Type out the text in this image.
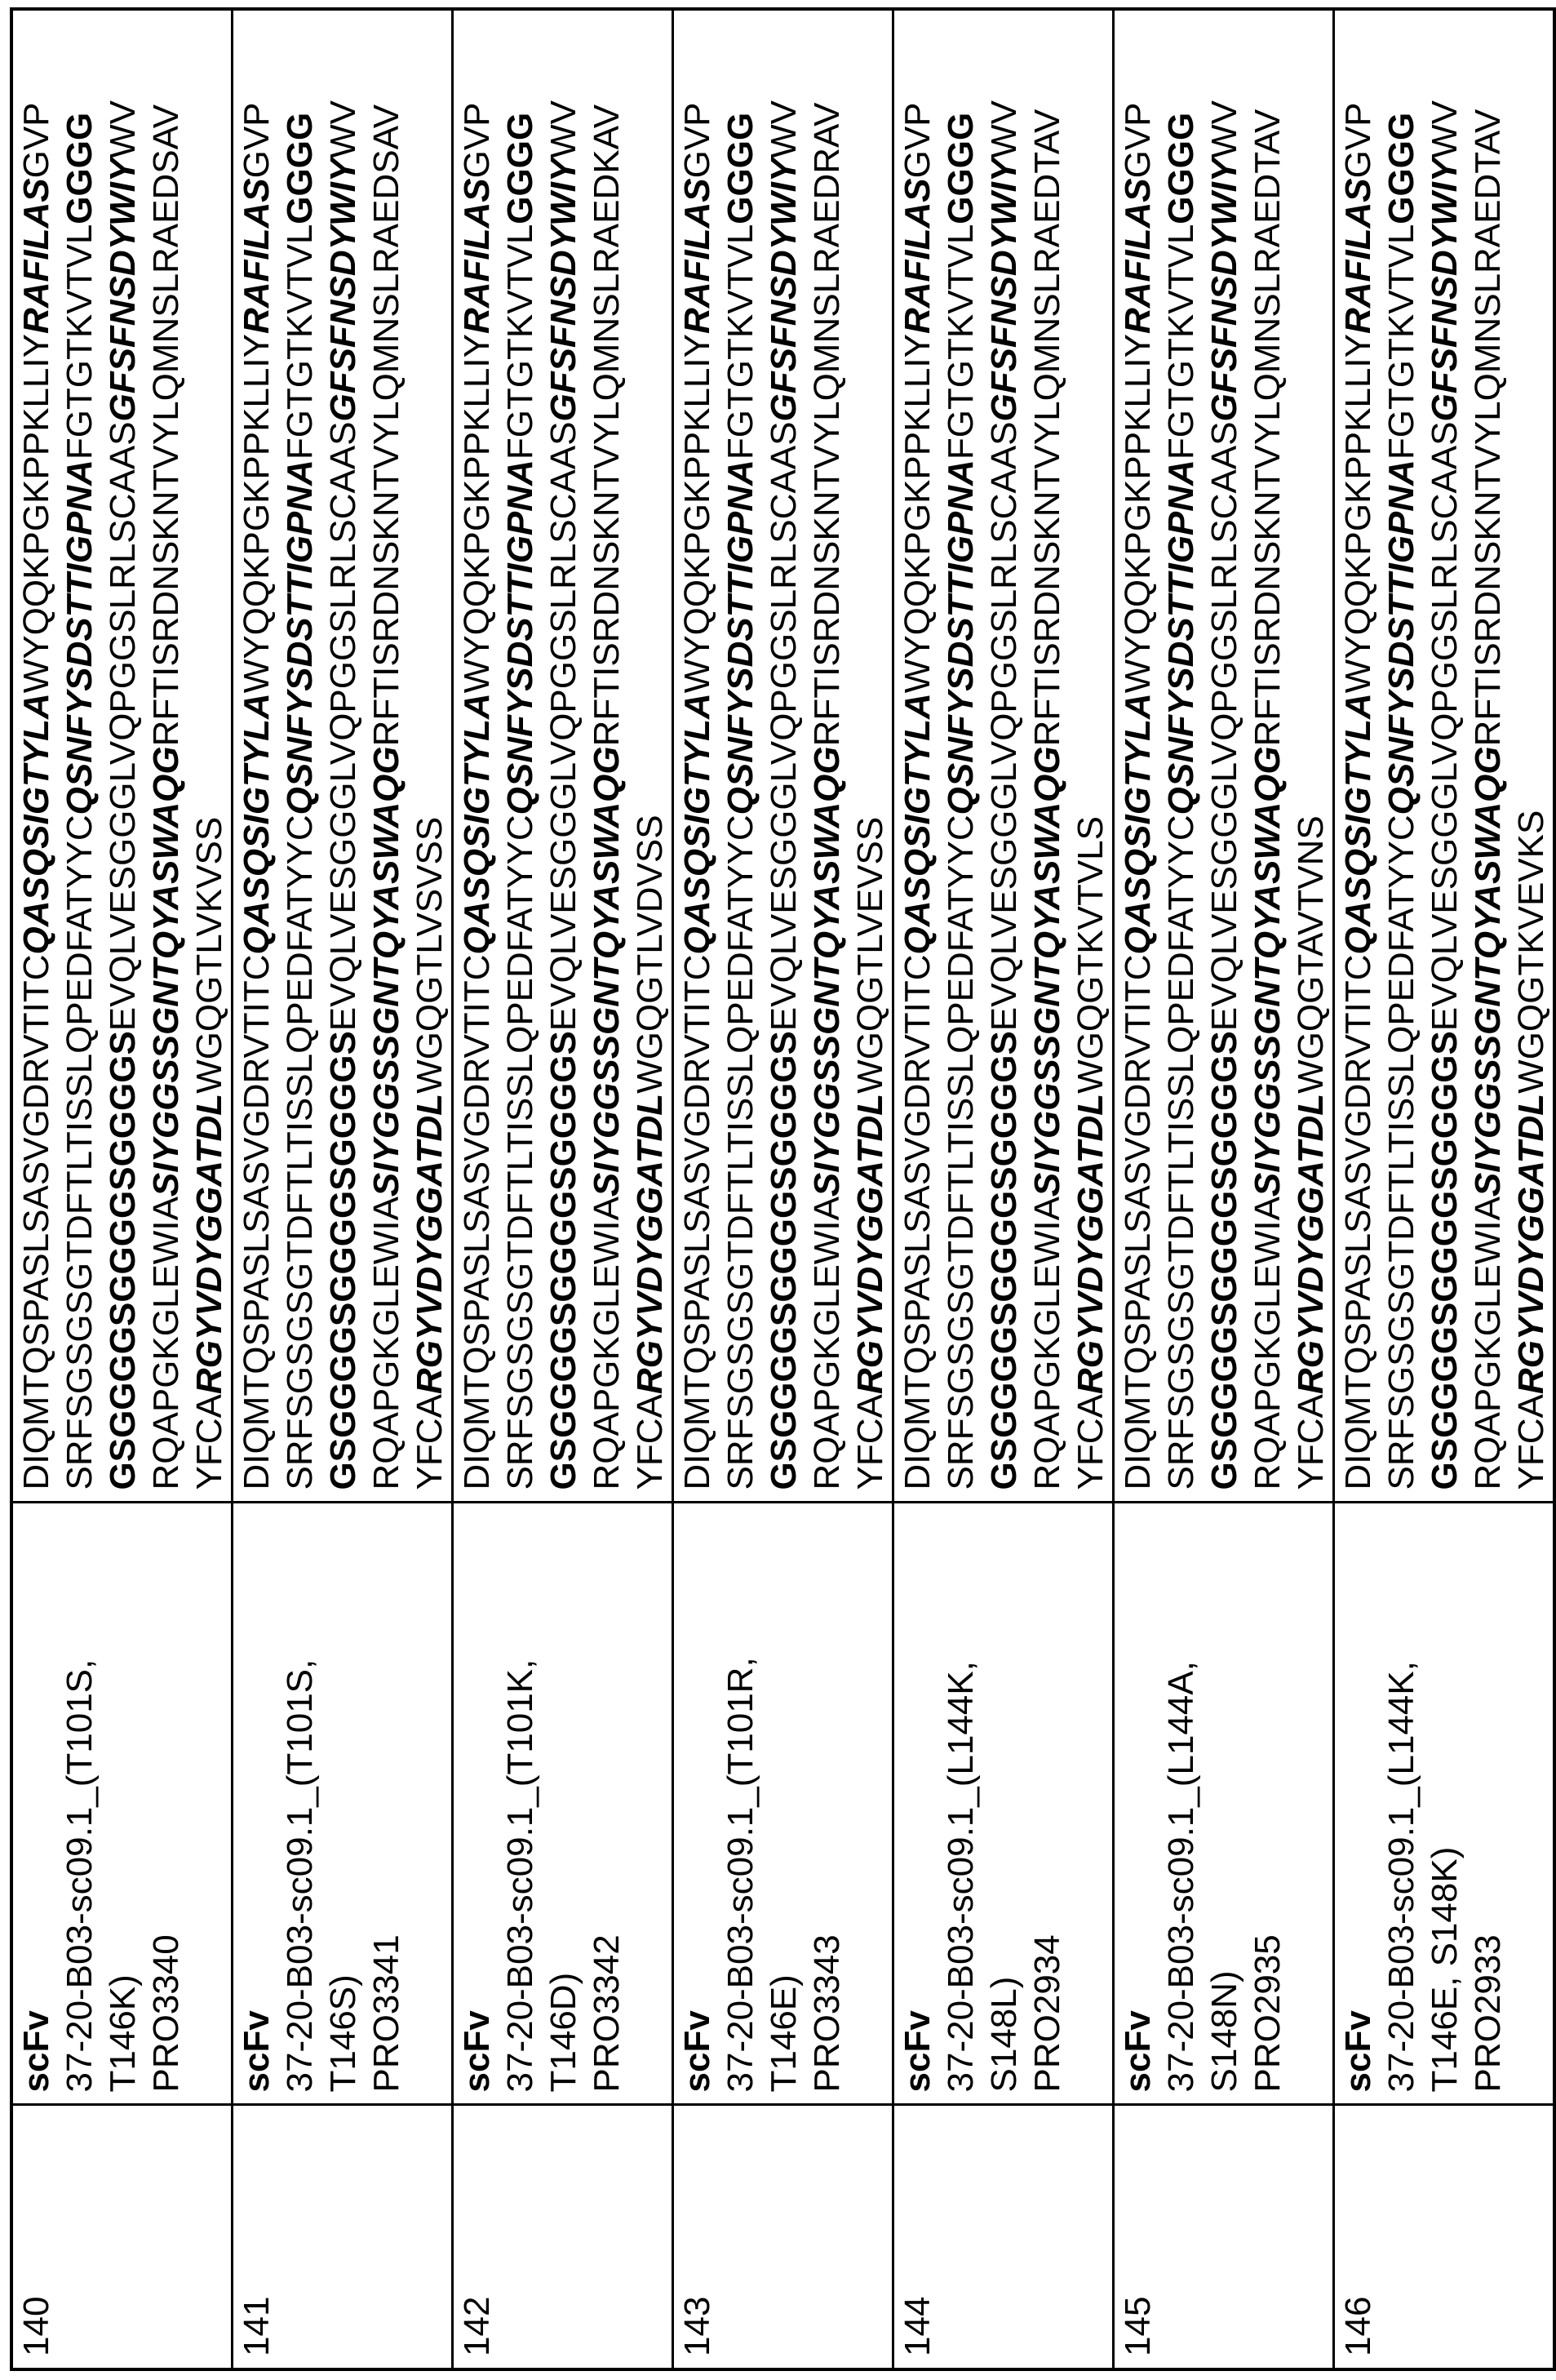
140

scFv 37-20-B03-sc09.1_(T101S, T146K) PRO3340

DIQMTQSPASLSASVGDRVTITCQASQSIGTYLAWYQQKPGKPPKLLIYRAFILASGVP
SRFSGSGSGTDFTLTISSLQPEDFATYYCQSNFYSDSTTIGPNAFGTGTKVTVLGGGG
GSGGGGSGGGGSGGGGSEVQLVESGGGLVQPGGSLRLSCAASGFSFNSDYWIYWV
RQAPGKGLEWIASIYGGSSGNTQYASWAQGRFTISRDNSKNTVYLQMNSLRAEDSAV
YFCARGYVDYGGATDLWGQGTLVKVSS

141

scFv 37-20-B03-sc09.1_(T101S, T146S) PRO3341

DIQMTQSPASLSASVGDRVTITCQASQSIGTYLAWYQQKPGKPPKLLIYRAFILASGVP
SRFSGSGSGTDFTLTISSLQPEDFATYYCQSNFYSDSTTIGPNAFGTGTKVTVLGGGG
GSGGGGSGGGGSGGGGSEVQLVESGGGLVQPGGSLRLSCAASGFSFNSDYWIYWV
RQAPGKGLEWIASIYGGSSGNTQYASWAQGRFTISRDNSKNTVYLQMNSLRAEDSAV
YFCARGYVDYGGATDLWGQGTLVSVSS

142

scFv 37-20-B03-sc09.1_(T101K, T146D) PRO3342

DIQMTQSPASLSASVGDRVTITCQASQSIGTYLAWYQQKPGKPPKLLIYRAFILASGVP
SRFSGSGSGTDFTLTISSLQPEDFATYYCQSNFYSDSTTIGPNAFGTGTKVTVLGGGG
GSGGGGSGGGGSGGGGSEVQLVESGGGLVQPGGSLRLSCAASGFSFNSDYWIYWV
RQAPGKGLEWIASIYGGSSGNTQYASWAQGRFTISRDNSKNTVYLQMNSLRAEDKAV
YFCARGYVDYGGATDLWGQGTLVDVSS

143

scFv 37-20-B03-sc09.1_(T101R, T146E) PRO3343

DIQMTQSPASLSASVGDRVTITCQASQSIGTYLAWYQQKPGKPPKLLIYRAFILASGVP
SRFSGSGSGTDFTLTISSLQPEDFATYYCQSNFYSDSTTIGPNAFGTGTKVTVLGGGG
GSGGGGSGGGGSGGGGSEVQLVESGGGLVQPGGSLRLSCAASGFSFNSDYWIYWV
RQAPGKGLEWIASIYGGSSGNTQYASWAQGRFTISRDNSKNTVYLQMNSLRAEDRAV
YFCARGYVDYGGATDLWGQGTLVEVSS

144

scFv 37-20-B03-sc09.1_(L144K, S148L) PRO2934

DIQMTQSPASLSASVGDRVTITCQASQSIGTYLAWYQQKPGKPPKLLIYRAFILASGVP
SRFSGSGSGTDFTLTISSLQPEDFATYYCQSNFYSDSTTIGPNAFGTGTKVTVLGGGG
GSGGGGSGGGGSGGGGSEVQLVESGGGLVQPGGSLRLSCAASGFSFNSDYWIYWV
RQAPGKGLEWIASIYGGSSGNTQYASWAQGRFTISRDNSKNTVYLQMNSLRAEDTAV
YFCARGYVDYGGATDLWGQGTKVTVLS

145

scFv 37-20-B03-sc09.1_(L144A, S148N) PRO2935

DIQMTQSPASLSASVGDRVTITCQASQSIGTYLAWYQQKPGKPPKLLIYRAFILASGVP
SRFSGSGSGTDFTLTISSLQPEDFATYYCQSNFYSDSTTIGPNAFGTGTKVTVLGGGG
GSGGGGSGGGGSGGGGSEVQLVESGGGLVQPGGSLRLSCAASGFSFNSDYWIYWV
RQAPGKGLEWIASIYGGSSGNTQYASWAQGRFTISRDNSKNTVYLQMNSLRAEDTAV
YFCARGYVDYGGATDLWGQGTAVTVNS

146

scFv 37-20-B03-sc09.1_(L144K, T146E, S148K) PRO2933

DIQMTQSPASLSASVGDRVTITCQASQSIGTYLAWYQQKPGKPPKLLIYRAFILASGVP
SRFSGSGSGTDFTLTISSLQPEDFATYYCQSNFYSDSTTIGPNAFGTGTKVTVLGGGG
GSGGGGSGGGGSGGGGSEVQLVESGGGLVQPGGSLRLSCAASGFSFNSDYWIYWV
RQAPGKGLEWIASIYGGSSGNTQYASWAQGRFTISRDNSKNTVYLQMNSLRAEDTAV
YFCARGYVDYGGATDLWGQGTKVEVKS
